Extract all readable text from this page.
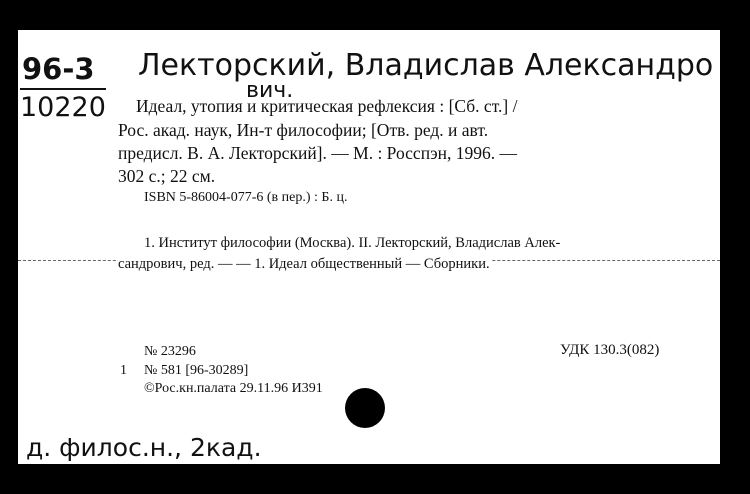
96-3
10220
Лекторский, Владислав Александро
вич.
Идеал, утопия и критическая рефлексия : [Сб. ст.] /
Рос. акад. наук, Ин-т философии; [Отв. ред. и авт.
предисл. В. А. Лекторский]. — М. : Росспэн, 1996. —
302 с.; 22 см.
ISBN 5-86004-077-6 (в пер.) : Б. ц.
1. Институт философии (Москва). II. Лекторский, Владислав Алек-
сандрович, ред. — — 1. Идеал общественный — Сборники.
№ 23296	УДК 130.3(082)
1 № 581 [96-30289]
©Рос.кн.палата 29.11.96 И391
д. филос.н., 2кад.
